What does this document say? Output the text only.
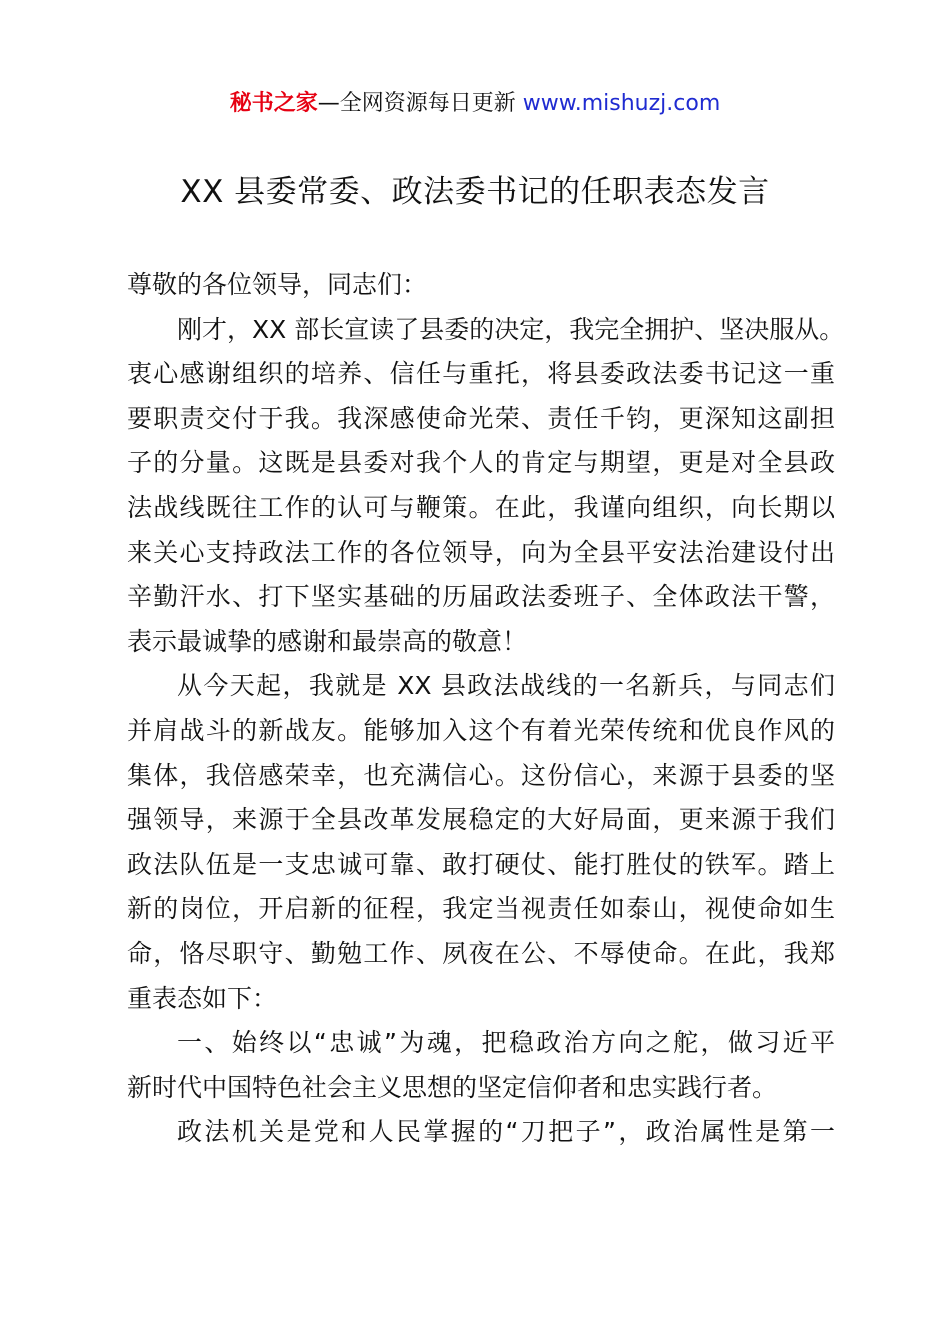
秘书之家—全网资源每日更新 www.mishuzj.com
XX 县委常委、政法委书记的任职表态发言
尊敬的各位领导，同志们：
刚才，XX 部长宣读了县委的决定，我完全拥护、坚决服从。
衷心感谢组织的培养、信任与重托，将县委政法委书记这一重
要职责交付于我。我深感使命光荣、责任千钧，更深知这副担
子的分量。这既是县委对我个人的肯定与期望，更是对全县政
法战线既往工作的认可与鞭策。在此，我谨向组织，向长期以
来关心支持政法工作的各位领导，向为全县平安法治建设付出
辛勤汗水、打下坚实基础的历届政法委班子、全体政法干警，
表示最诚挚的感谢和最崇高的敬意！
从今天起，我就是 XX 县政法战线的一名新兵，与同志们
并肩战斗的新战友。能够加入这个有着光荣传统和优良作风的
集体，我倍感荣幸，也充满信心。这份信心，来源于县委的坚
强领导，来源于全县改革发展稳定的大好局面，更来源于我们
政法队伍是一支忠诚可靠、敢打硬仗、能打胜仗的铁军。踏上
新的岗位，开启新的征程，我定当视责任如泰山，视使命如生
命，恪尽职守、勤勉工作、夙夜在公、不辱使命。在此，我郑
重表态如下：
一、始终以“忠诚”为魂，把稳政治方向之舵，做习近平
新时代中国特色社会主义思想的坚定信仰者和忠实践行者。
政法机关是党和人民掌握的“刀把子”，政治属性是第一
